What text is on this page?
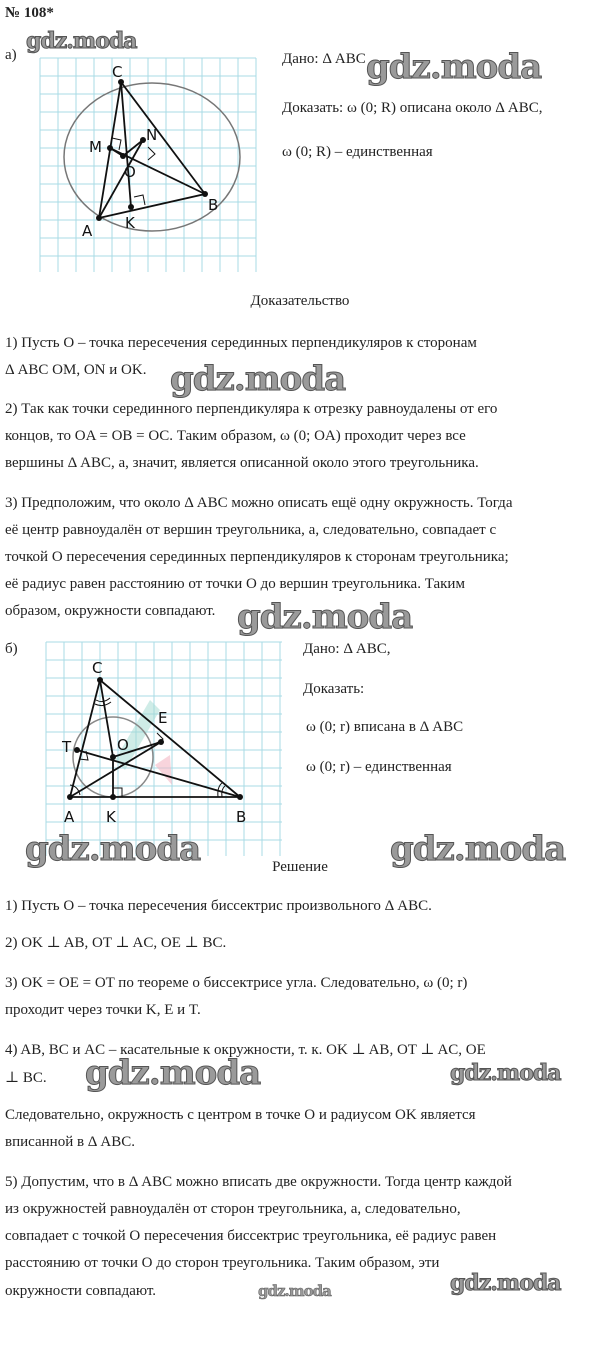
№ 108*
а)
C
M
N
O
A K
B
Дано: Δ ABC
Доказать: ω (0; R) описана около Δ ABC,
ω (0; R) – единственная
Доказательство
б)
C
E
T	O
A K	B
Дано: Δ ABC,
Доказать:
ω (0; r) вписана в Δ ABC
ω (0; r) – единственная
Решение
gdz.moda
gdz.moda
gdz.moda
gdz.moda
gdz.moda	gdz.moda
gdz.moda	gdz.moda
gdz.moda
gdz.moda
1) Пусть О – точка пересечения серединных перпендикуляров к сторонам
Δ ABC OM, ON и OK.
2) Так как точки серединного перпендикуляра к отрезку равноудалены от его
концов, то OA = OB = OC. Таким образом, ω (0; OA) проходит через все
вершины Δ ABC, а, значит, является описанной около этого треугольника.
3) Предположим, что около Δ ABC можно описать ещё одну окружность. Тогда
её центр равноудалён от вершин треугольника, а, следовательно, совпадает с
точкой O пересечения серединных перпендикуляров к сторонам треугольника;
её радиус равен расстоянию от точки O до вершин треугольника. Таким
образом, окружности совпадают.
1) Пусть О – точка пересечения биссектрис произвольного Δ ABC.
2) OK ⊥ AB, OT ⊥ AC, OE ⊥ BC.
3) OK = OE = OT по теореме о биссектрисе угла. Следовательно, ω (0; r)
проходит через точки K, E и T.
4) AB, BC и AC – касательные к окружности, т. к. OK ⊥ AB, OT ⊥ AC, OE
⊥ BC.
Следовательно, окружность с центром в точке О и радиусом OK является
вписанной в Δ ABC.
5) Допустим, что в Δ ABC можно вписать две окружности. Тогда центр каждой
из окружностей равноудалён от сторон треугольника, а, следовательно,
совпадает с точкой O пересечения биссектрис треугольника, её радиус равен
расстоянию от точки O до сторон треугольника. Таким образом, эти
окружности совпадают.
